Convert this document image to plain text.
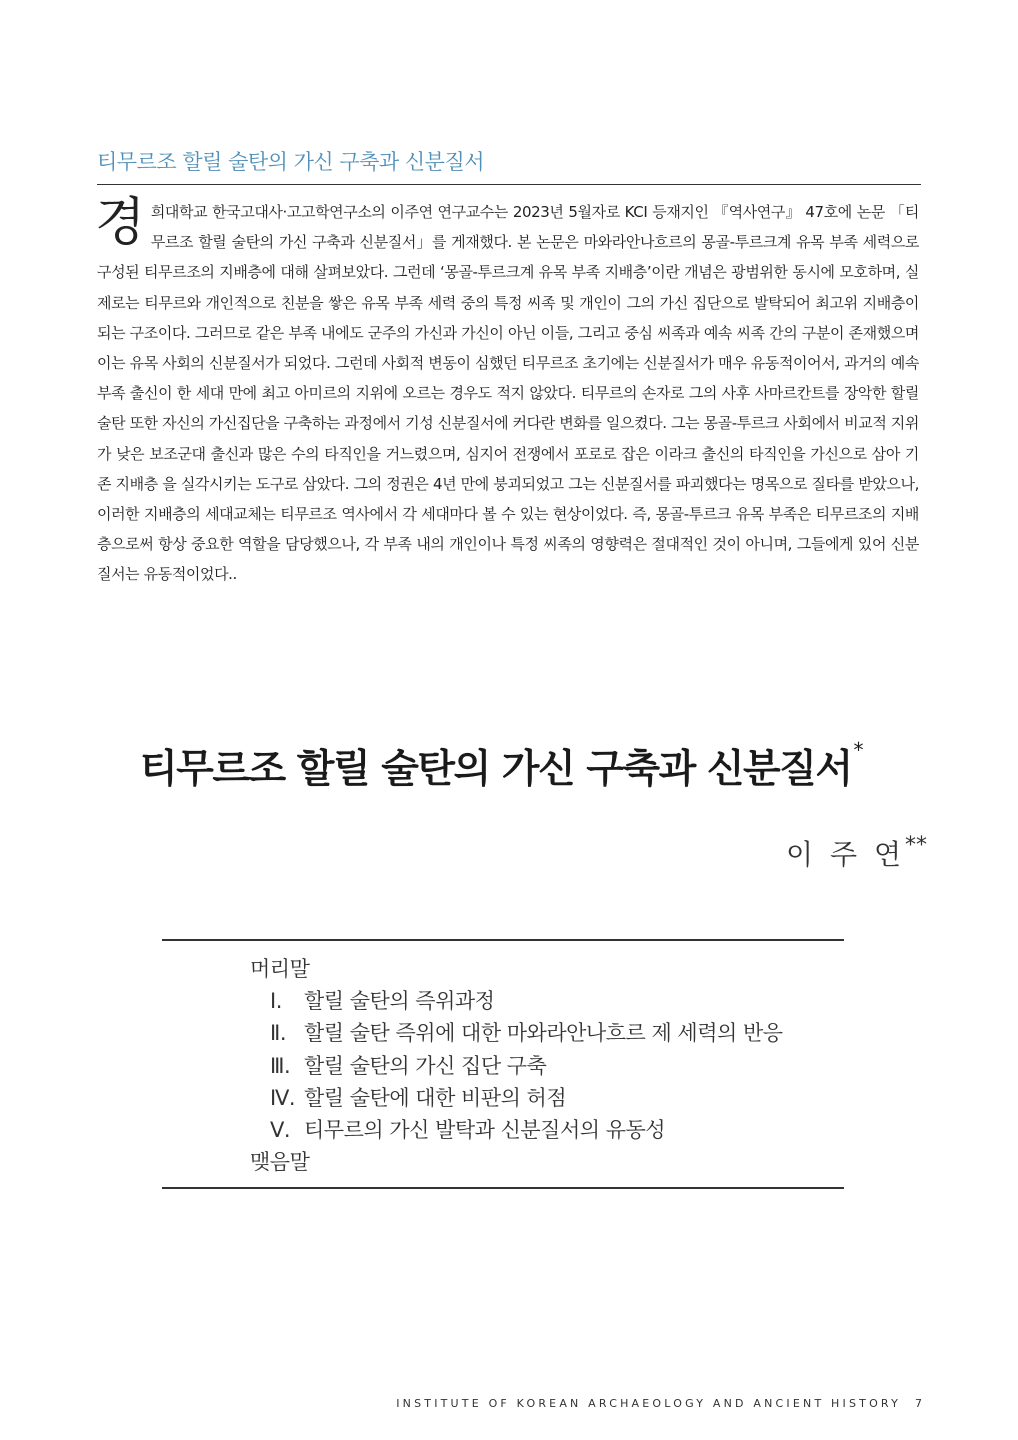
티무르조 할릴 술탄의 가신 구축과 신분질서

경희대학교 한국고대사·고고학연구소의 이주연 연구교수는 2023년 5월자로 KCI 등재지인 『역사연구』 47호에 논문 「티무르조 할릴 술탄의 가신 구축과 신분질서」를 게재했다. 본 논문은 마와라안나흐르의 몽골-투르크계 유목 부족 세력으로 구성된 티무르조의 지배층에 대해 살펴보았다. 그런데 ‘몽골-투르크계 유목 부족 지배층’이란 개념은 광범위한 동시에 모호하며, 실제로는 티무르와 개인적으로 친분을 쌓은 유목 부족 세력 중의 특정 씨족 및 개인이 그의 가신 집단으로 발탁되어 최고위 지배층이 되는 구조이다. 그러므로 같은 부족 내에도 군주의 가신과 가신이 아닌 이들, 그리고 중심 씨족과 예속 씨족 간의 구분이 존재했으며 이는 유목 사회의 신분질서가 되었다. 그런데 사회적 변동이 심했던 티무르조 초기에는 신분질서가 매우 유동적이어서, 과거의 예속 부족 출신이 한 세대 만에 최고 아미르의 지위에 오르는 경우도 적지 않았다. 티무르의 손자로 그의 사후 사마르칸트를 장악한 할릴 술탄 또한 자신의 가신집단을 구축하는 과정에서 기성 신분질서에 커다란 변화를 일으켰다. 그는 몽골-투르크 사회에서 비교적 지위가 낮은 보조군대 출신과 많은 수의 타직인을 거느렸으며, 심지어 전쟁에서 포로로 잡은 이라크 출신의 타직인을 가신으로 삼아 기존 지배층 을 실각시키는 도구로 삼았다. 그의 정권은 4년 만에 붕괴되었고 그는 신분질서를 파괴했다는 명목으로 질타를 받았으나, 이러한 지배층의 세대교체는 티무르조 역사에서 각 세대마다 볼 수 있는 현상이었다. 즉, 몽골-투르크 유목 부족은 티무르조의 지배층으로써 항상 중요한 역할을 담당했으나, 각 부족 내의 개인이나 특정 씨족의 영향력은 절대적인 것이 아니며, 그들에게 있어 신분질서는 유동적이었다..

티무르조 할릴 술탄의 가신 구축과 신분질서 *
이 주 연**
머리말
Ⅰ. 할릴 술탄의 즉위과정
Ⅱ. 할릴 술탄 즉위에 대한 마와라안나흐르 제 세력의 반응
Ⅲ. 할릴 술탄의 가신 집단 구축
Ⅳ. 할릴 술탄에 대한 비판의 허점
Ⅴ. 티무르의 가신 발탁과 신분질서의 유동성
맺음말
INSTITUTE OF KOREAN ARCHAEOLOGY AND ANCIENT HISTORY 7
